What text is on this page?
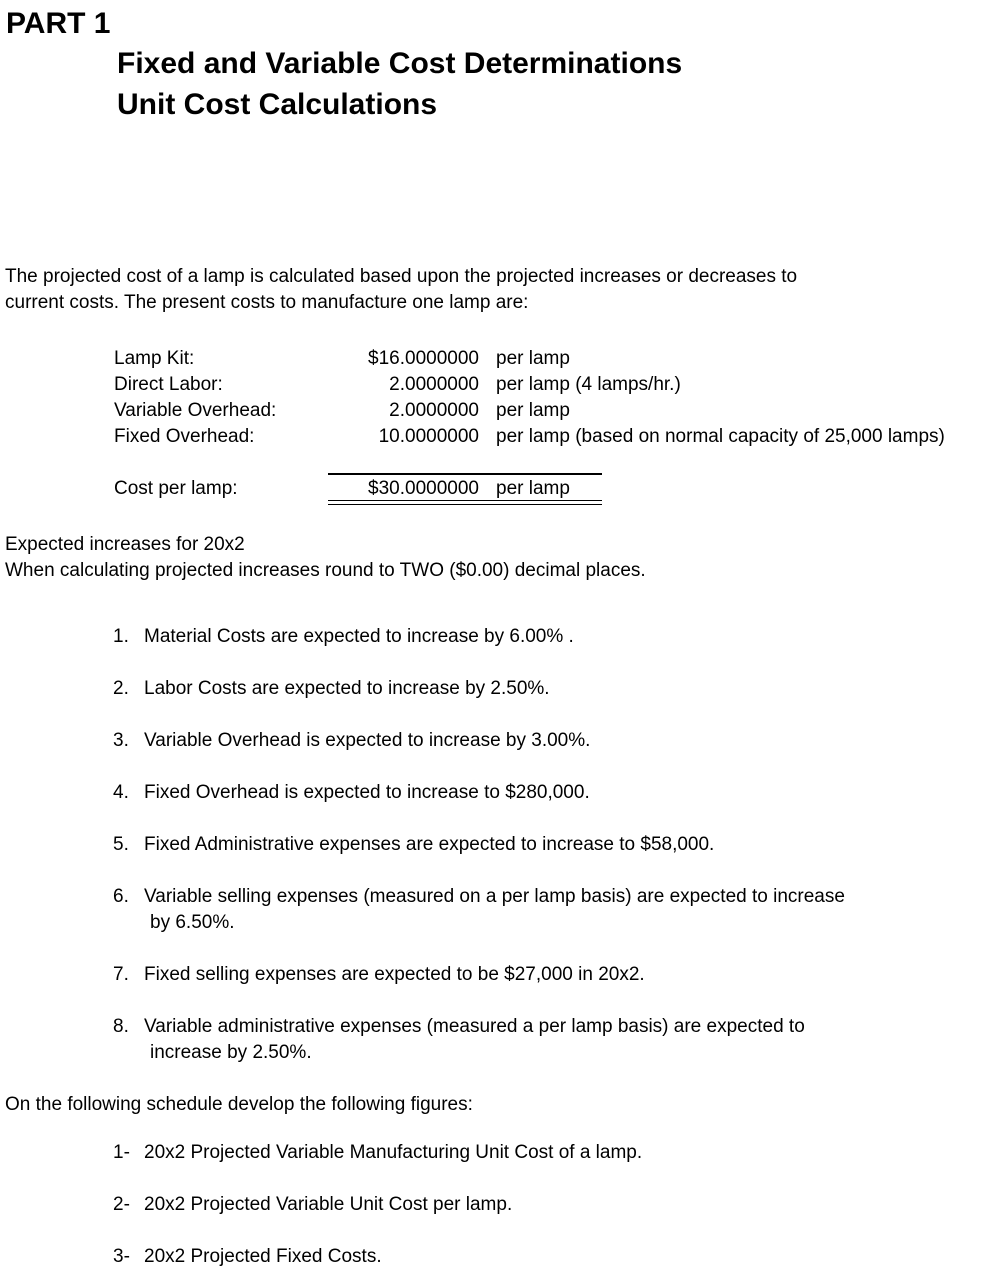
PART 1
Fixed and Variable Cost Determinations
Unit Cost Calculations
The projected cost of a lamp is calculated based upon the projected increases or decreases to
current costs. The present costs to manufacture one lamp are:
Lamp Kit:	$16.0000000 per lamp
Direct Labor:	2.0000000 per lamp (4 lamps/hr.)
Variable Overhead:	2.0000000 per lamp
Fixed Overhead:	10.0000000 per lamp (based on normal capacity of 25,000 lamps)
Cost per lamp:	$30.0000000 per lamp
Expected increases for 20x2
When calculating projected increases round to TWO ($0.00) decimal places.
1. Material Costs are expected to increase by 6.00% .
2. Labor Costs are expected to increase by 2.50%.
3. Variable Overhead is expected to increase by 3.00%.
4. Fixed Overhead is expected to increase to $280,000.
5. Fixed Administrative expenses are expected to increase to $58,000.
6. Variable selling expenses (measured on a per lamp basis) are expected to increase
by 6.50%.
7. Fixed selling expenses are expected to be $27,000 in 20x2.
8. Variable administrative expenses (measured a per lamp basis) are expected to
increase by 2.50%.
On the following schedule develop the following figures:
1- 20x2 Projected Variable Manufacturing Unit Cost of a lamp.
2- 20x2 Projected Variable Unit Cost per lamp.
3- 20x2 Projected Fixed Costs.
